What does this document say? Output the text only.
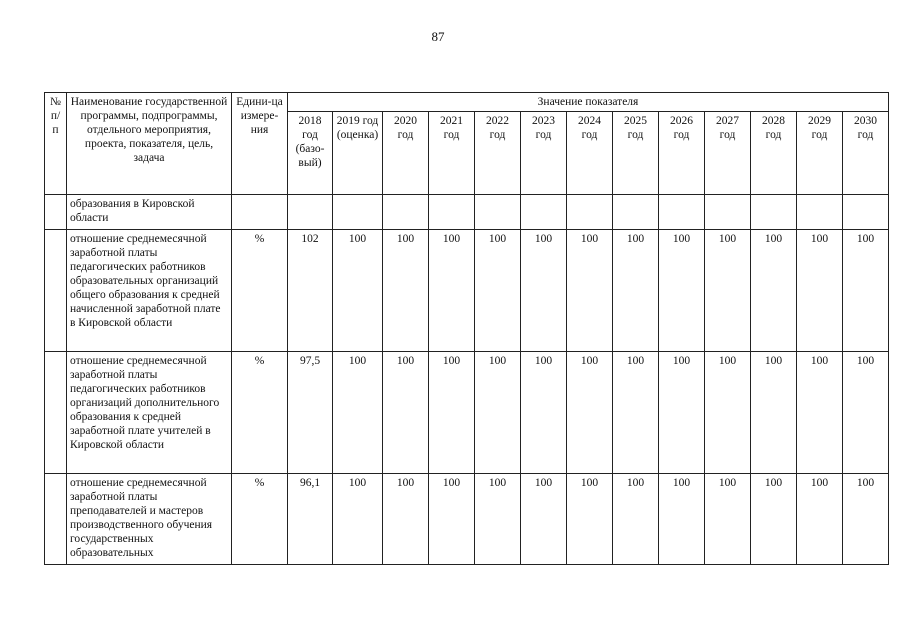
87
№ п/п	Наименование государственной программы, подпрограммы, отдельного мероприятия, проекта, показателя, цель, задача	Едини-ца измере-ния	Значение показателя												
			2018 год (базо-вый)	2019 год (оценка)	2020 год	2021 год	2022 год	2023 год	2024 год	2025 год	2026 год	2027 год	2028 год	2029 год	2030 год
	образования в Кировской области														
	отношение среднемесячной заработной платы педагогических работников образовательных организаций общего образования к средней начисленной заработной плате в Кировской области	%	102	100	100	100	100	100	100	100	100	100	100	100	100
	отношение среднемесячной заработной платы педагогических работников организаций дополнительного образования к средней заработной плате учителей в Кировской области	%	97,5	100	100	100	100	100	100	100	100	100	100	100	100
	отношение среднемесячной заработной платы преподавателей и мастеров производственного обучения государственных образовательных	%	96,1	100	100	100	100	100	100	100	100	100	100	100	100
